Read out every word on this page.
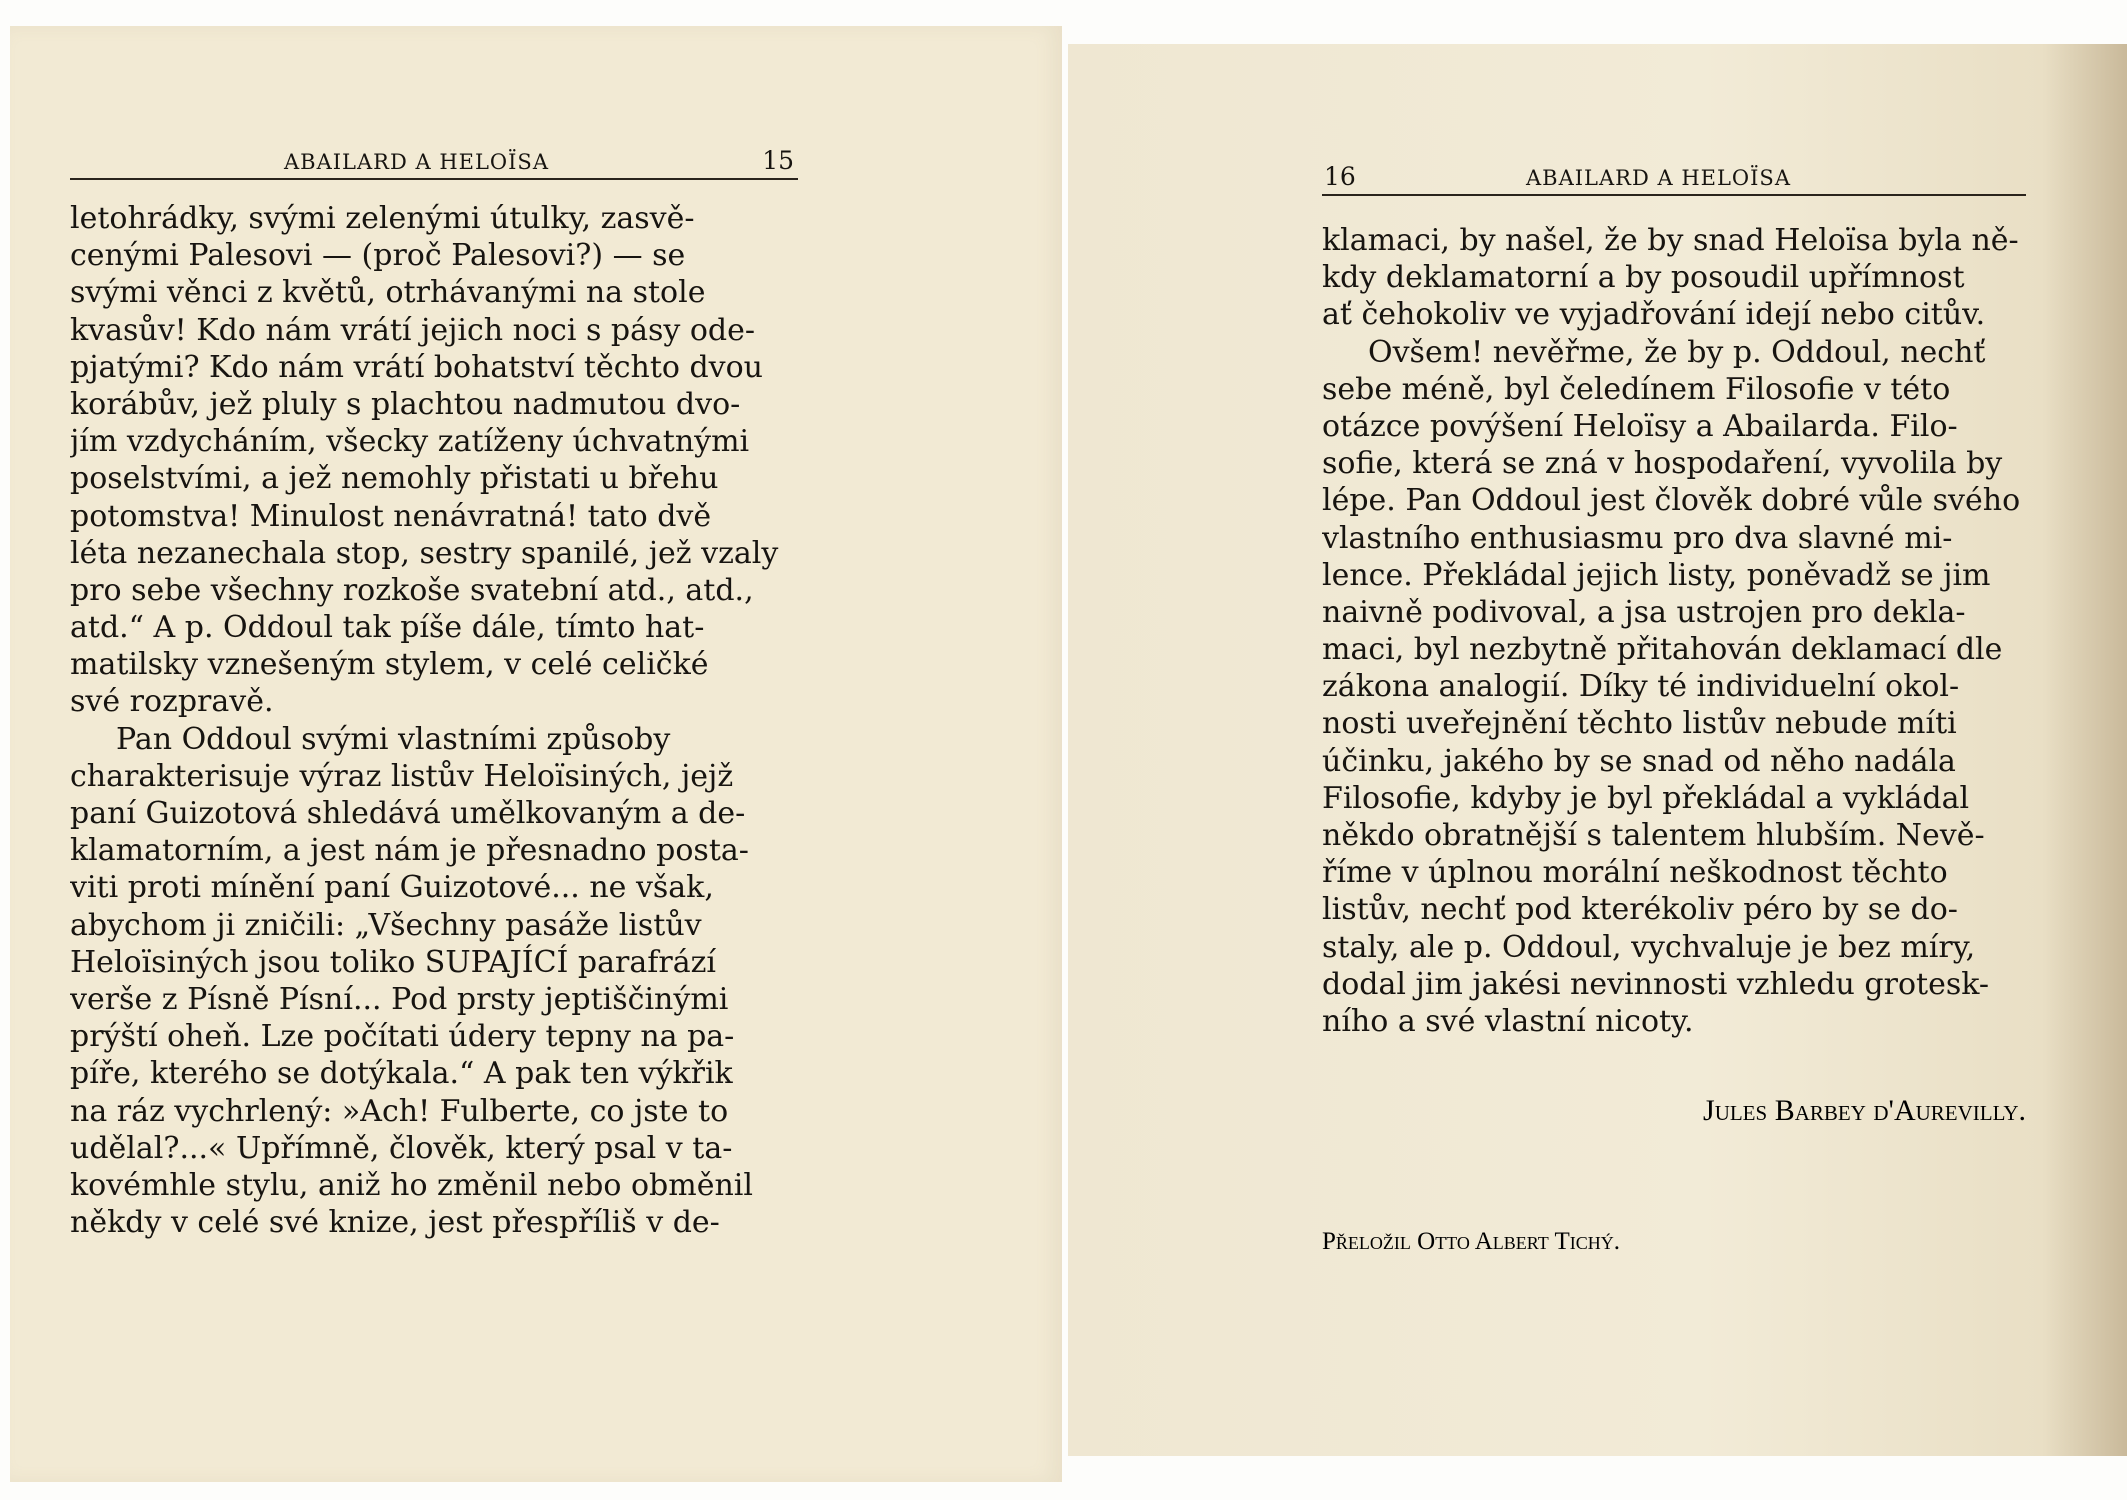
ABAILARD A HELOÏSA	15
letohrádky, svými zelenými útulky, zasvě-
cenými Palesovi — (proč Palesovi?) — se
svými věnci z květů, otrhávanými na stole
kvasův! Kdo nám vrátí jejich noci s pásy ode-
pjatými? Kdo nám vrátí bohatství těchto dvou
korábův, jež pluly s plachtou nadmutou dvo-
jím vzdycháním, všecky zatíženy úchvatnými
poselstvími, a jež nemohly přistati u břehu
potomstva! Minulost nenávratná! tato dvě
léta nezanechala stop, sestry spanilé, jež vzaly
pro sebe všechny rozkoše svatební atd., atd.,
atd.“ A p. Oddoul tak píše dále, tímto hat-
matilsky vznešeným stylem, v celé celičké
své rozpravě.
Pan Oddoul svými vlastními způsoby
charakterisuje výraz listův Heloïsiných, jejž
paní Guizotová shledává umělkovaným a de-
klamatorním, a jest nám je přesnadno posta-
viti proti mínění paní Guizotové... ne však,
abychom ji zničili: „Všechny pasáže listův
Heloïsiných jsou toliko SUPAJÍCÍ parafrází
verše z Písně Písní... Pod prsty jeptiščinými
prýští oheň. Lze počítati údery tepny na pa-
píře, kterého se dotýkala.“ A pak ten výkřik
na ráz vychrlený: »Ach! Fulberte, co jste to
udělal?...« Upřímně, člověk, který psal v ta-
kovémhle stylu, aniž ho změnil nebo obměnil
někdy v celé své knize, jest přespříliš v de-
16	ABAILARD A HELOÏSA
klamaci, by našel, že by snad Heloïsa byla ně-
kdy deklamatorní a by posoudil upřímnost
ať čehokoliv ve vyjadřování idejí nebo citův.
Ovšem! nevěřme, že by p. Oddoul, nechť
sebe méně, byl čeledínem Filosofie v této
otázce povýšení Heloïsy a Abailarda. Filo-
sofie, která se zná v hospodaření, vyvolila by
lépe. Pan Oddoul jest člověk dobré vůle svého
vlastního enthusiasmu pro dva slavné mi-
lence. Překládal jejich listy, poněvadž se jim
naivně podivoval, a jsa ustrojen pro dekla-
maci, byl nezbytně přitahován deklamací dle
zákona analogií. Díky té individuelní okol-
nosti uveřejnění těchto listův nebude míti
účinku, jakého by se snad od něho nadála
Filosofie, kdyby je byl překládal a vykládal
někdo obratnější s talentem hlubším. Nevě-
říme v úplnou morální neškodnost těchto
listův, nechť pod kterékoliv péro by se do-
staly, ale p. Oddoul, vychvaluje je bez míry,
dodal jim jakési nevinnosti vzhledu grotesk-
ního a své vlastní nicoty.
Jules Barbey d'Aurevilly.
Přeložil Otto Albert Tichý.
